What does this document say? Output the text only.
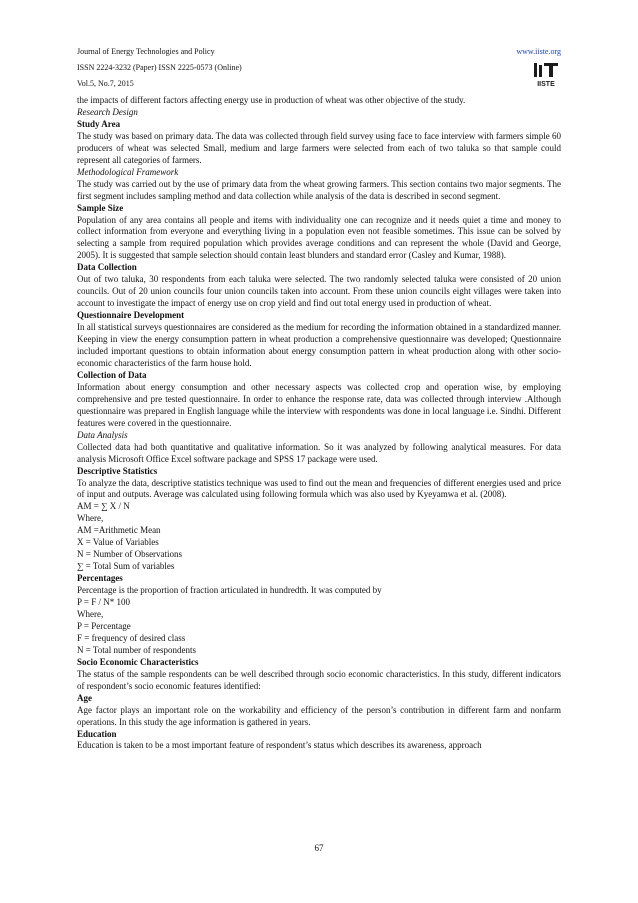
Journal of Energy Technologies and Policy
ISSN 2224-3232 (Paper) ISSN 2225-0573 (Online)
Vol.5, No.7, 2015
www.iiste.org
IISTE

the impacts of different factors affecting energy use in production of wheat was other objective of the study.

Research Design

Study Area

The study was based on primary data. The data was collected through field survey using face to face interview with farmers simple 60 producers of wheat was selected Small, medium and large farmers were selected from each of two taluka so that sample could represent all categories of farmers.

Methodological Framework

The study was carried out by the use of primary data from the wheat growing farmers. This section contains two major segments. The first segment includes sampling method and data collection while analysis of the data is described in second segment.

Sample Size

Population of any area contains all people and items with individuality one can recognize and it needs quiet a time and money to collect information from everyone and everything living in a population even not feasible sometimes. This issue can be solved by selecting a sample from required population which provides average conditions and can represent the whole (David and George, 2005). It is suggested that sample selection should contain least blunders and standard error (Casley and Kumar, 1988).

Data Collection

Out of two taluka, 30 respondents from each taluka were selected. The two randomly selected taluka were consisted of 20 union councils. Out of 20 union councils four union councils taken into account. From these union councils eight villages were taken into account to investigate the impact of energy use on crop yield and find out total energy used in production of wheat.

Questionnaire Development

In all statistical surveys questionnaires are considered as the medium for recording the information obtained in a standardized manner. Keeping in view the energy consumption pattern in wheat production a comprehensive questionnaire was developed; Questionnaire included important questions to obtain information about energy consumption pattern in wheat production along with other socio-economic characteristics of the farm house hold.

Collection of Data

Information about energy consumption and other necessary aspects was collected crop and operation wise, by employing comprehensive and pre tested questionnaire. In order to enhance the response rate, data was collected through interview .Although questionnaire was prepared in English language while the interview with respondents was done in local language i.e. Sindhi. Different features were covered in the questionnaire.

Data Analysis

Collected data had both quantitative and qualitative information. So it was analyzed by following analytical measures. For data analysis Microsoft Office Excel software package and SPSS 17 package were used.

Descriptive Statistics

To analyze the data, descriptive statistics technique was used to find out the mean and frequencies of different energies used and price of input and outputs. Average was calculated using following formula which was also used by Kyeyamwa et al. (2008).

AM = ∑ X / N

Where,

AM =Arithmetic Mean

X = Value of Variables

N = Number of Observations

∑ = Total Sum of variables

Percentages

Percentage is the proportion of fraction articulated in hundredth. It was computed by

P = F / N* 100

Where,

P = Percentage

F = frequency of desired class

N = Total number of respondents

Socio Economic Characteristics

The status of the sample respondents can be well described through socio economic characteristics. In this study, different indicators of respondent’s socio economic features identified:

Age

Age factor plays an important role on the workability and efficiency of the person’s contribution in different farm and nonfarm operations. In this study the age information is gathered in years.

Education

Education is taken to be a most important feature of respondent’s status which describes its awareness, approach

67
